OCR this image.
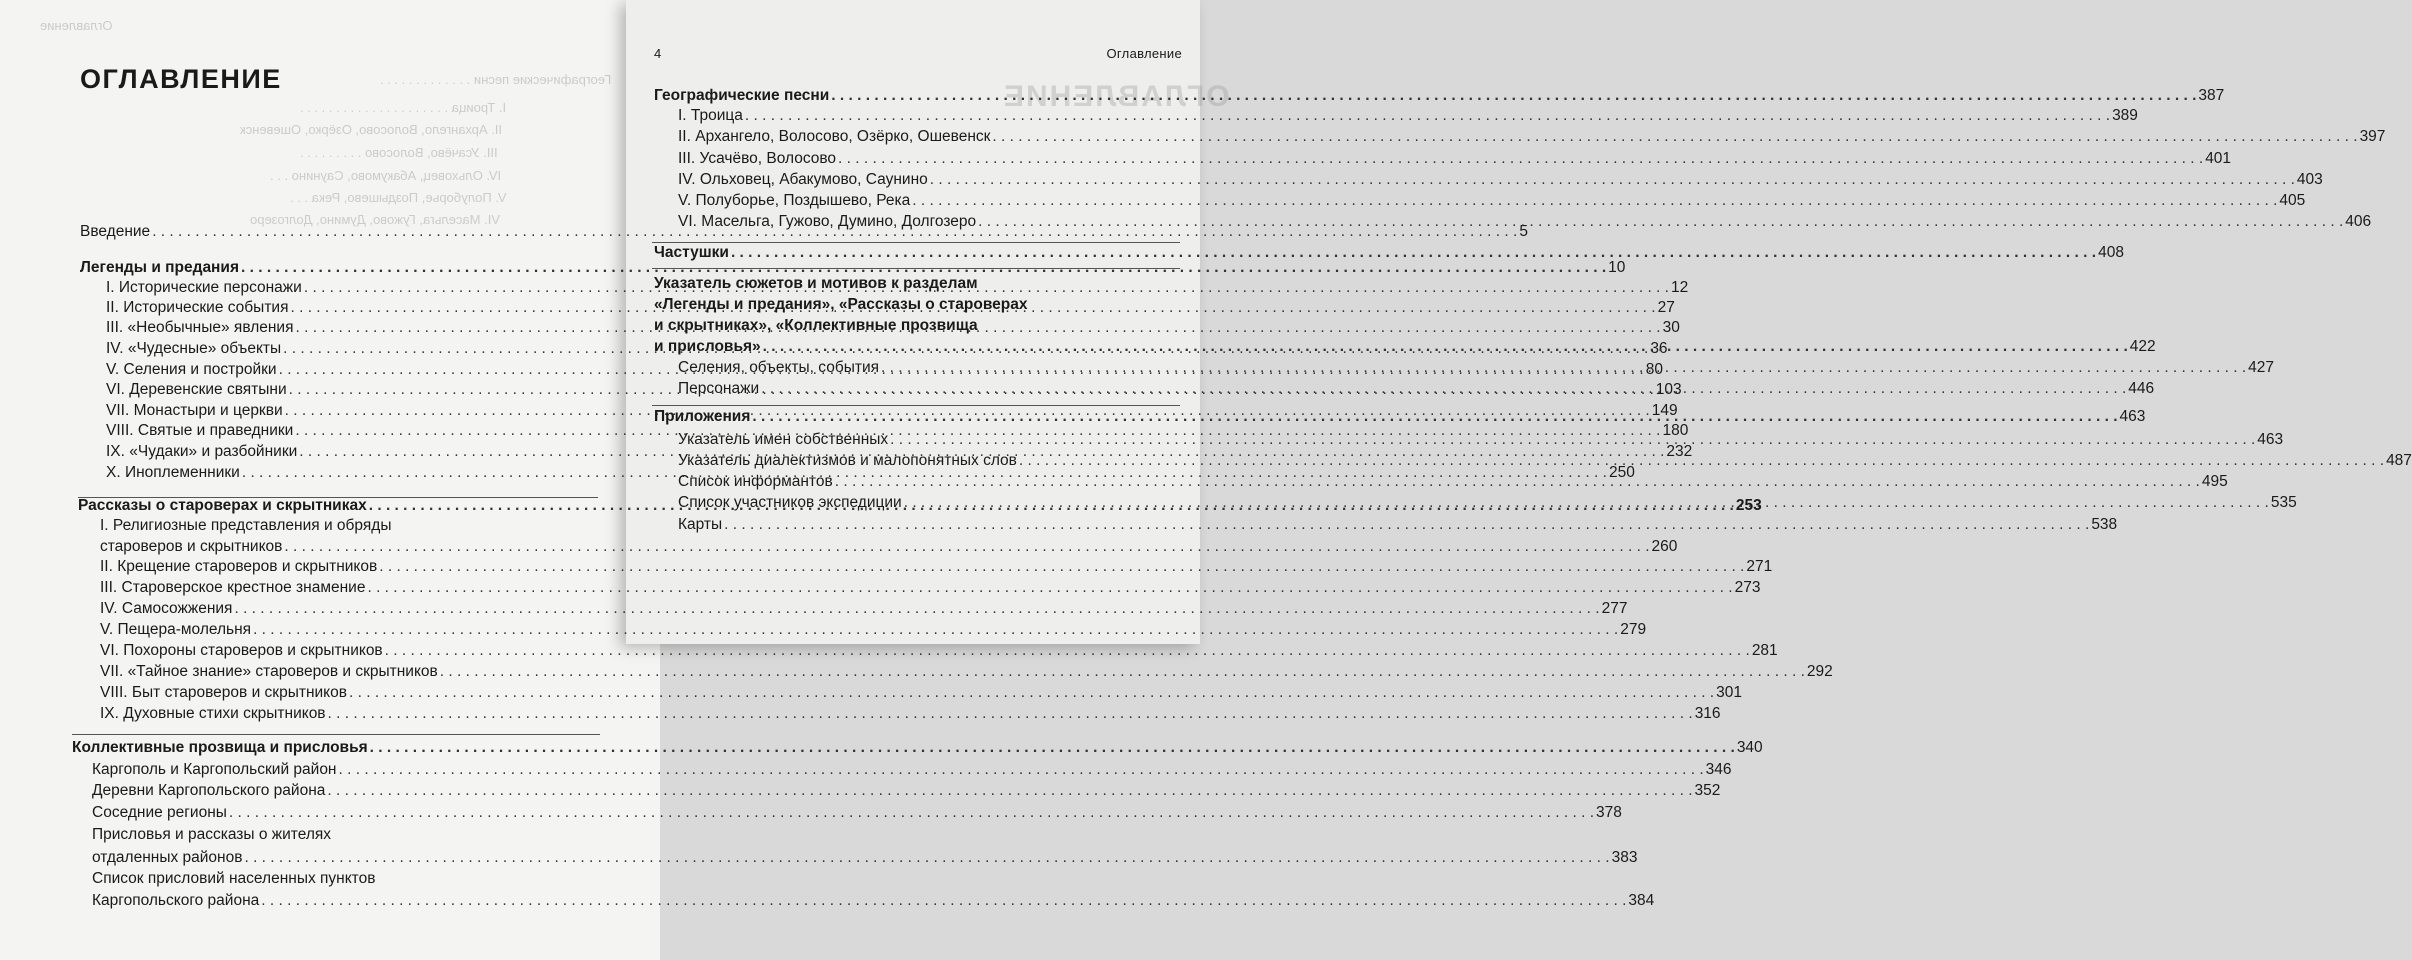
Оглавление
Географические песни . . . . . . . . . . . . .
I. Троица . . . . . . . . . . . . . . . . . . . . .
II. Архангело, Волосово, Озёрко, Ошевенск
III. Усачёво, Волосово . . . . . . . . .
IV. Ольховец, Абакумово, Саунино . . .
V. Полуборье, Поздышево, Река . . .
VI. Масельга, Гужово, Думино, Долгозеро
ОГЛАВЛЕНИЕ
ОГЛАВЛЕНИЕ
4	Оглавление
Введение . . .	5
Легенды и предания . . .	10
I. Исторические персонажи . . .	12
II. Исторические события . . .	27
III. «Необычные» явления . . .	30
IV. «Чудесные» объекты . . .	36
V. Селения и постройки . . .	80
VI. Деревенские святыни . . .	103
VII. Монастыри и церкви . . .	149
VIII. Святые и праведники . . .	180
IX. «Чудаки» и разбойники . . .	232
X. Иноплеменники . . .	250
Рассказы о староверах и скрытниках . . .	253
I. Религиозные представления и обряды
староверов и скрытников . . .	260
II. Крещение староверов и скрытников . . .	271
III. Староверское крестное знамение . . .	273
IV. Самосожжения . . .	277
V. Пещера-молельня . . .	279
VI. Похороны староверов и скрытников . . .	281
VII. «Тайное знание» староверов и скрытников . . .	292
VIII. Быт староверов и скрытников . . .	301
IX. Духовные стихи скрытников . . .	316
Коллективные прозвища и присловья . . .	340
Каргополь и Каргопольский район . . .	346
Деревни Каргопольского района . . .	352
Соседние регионы . . .	378
Присловья и рассказы о жителях
отдаленных районов . . .	383
Список присловий населенных пунктов
Каргопольского района . . .	384
Географические песни . . .	387
I. Троица . . .	389
II. Архангело, Волосово, Озёрко, Ошевенск . . .	397
III. Усачёво, Волосово . . .	401
IV. Ольховец, Абакумово, Саунино . . .	403
V. Полуборье, Поздышево, Река . . .	405
VI. Масельга, Гужово, Думино, Долгозеро . . .	406
Частушки . . .	408
Указатель сюжетов и мотивов к разделам
«Легенды и предания», «Рассказы о староверах
и скрытниках», «Коллективные прозвища
и присловья» . . .	422
Селения, объекты, события . . .	427
Персонажи . . .	446
Приложения . . .	463
Указатель имен собственных . . .	463
Указатель диалектизмов и малопонятных слов . . .	487
Список информантов . . .	495
Список участников экспедиции . . .	535
Карты . . .	538
